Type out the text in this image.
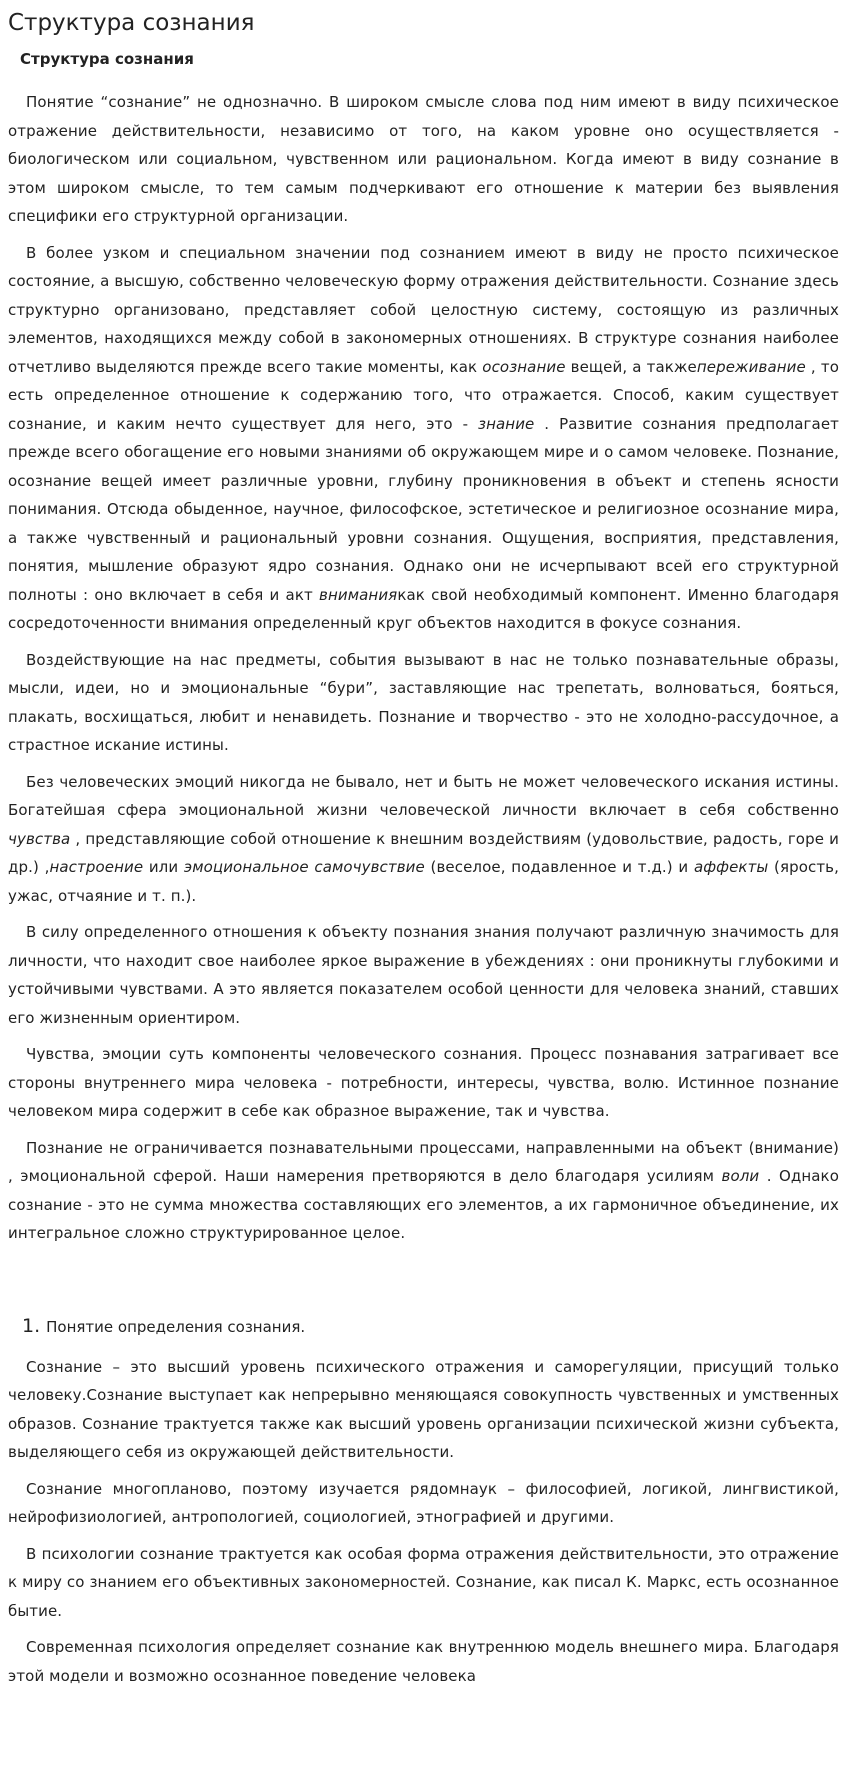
Структура сознания
Структура сознания

Понятие “сознание” не однозначно. В широком смысле слова под ним имеют в виду психическое отражение действительности, независимо от того, на каком уровне оно осуществляется - биологическом или социальном, чувственном или рациональном. Когда имеют в виду сознание в этом широком смысле, то тем самым подчеркивают его отношение к материи без выявления специфики его структурной организации.

В более узком и специальном значении под сознанием имеют в виду не просто психическое состояние, а высшую, собственно человеческую форму отражения действительности. Сознание здесь структурно организовано, представляет собой целостную систему, состоящую из различных элементов, находящихся между собой в закономерных отношениях. В структуре сознания наиболее отчетливо выделяются прежде всего такие моменты, как осознание вещей, а такжепереживание , то есть определенное отношение к содержанию того, что отражается. Способ, каким существует сознание, и каким нечто существует для него, это - знание . Развитие сознания предполагает прежде всего обогащение его новыми знаниями об окружающем мире и о самом человеке. Познание, осознание вещей имеет различные уровни, глубину проникновения в объект и степень ясности понимания. Отсюда обыденное, научное, философское, эстетическое и религиозное осознание мира, а также чувственный и рациональный уровни сознания. Ощущения, восприятия, представления, понятия, мышление образуют ядро сознания. Однако они не исчерпывают всей его структурной полноты : оно включает в себя и акт вниманиякак свой необходимый компонент. Именно благодаря сосредоточенности внимания определенный круг объектов находится в фокусе сознания.

Воздействующие на нас предметы, события вызывают в нас не только познавательные образы, мысли, идеи, но и эмоциональные “бури”, заставляющие нас трепетать, волноваться, бояться, плакать, восхищаться, любит и ненавидеть. Познание и творчество - это не холодно-рассудочное, а страстное искание истины.

Без человеческих эмоций никогда не бывало, нет и быть не может человеческого искания истины. Богатейшая сфера эмоциональной жизни человеческой личности включает в себя собственно чувства , представляющие собой отношение к внешним воздействиям (удовольствие, радость, горе и др.) ,настроение или эмоциональное самочувствие (веселое, подавленное и т.д.) и аффекты (ярость, ужас, отчаяние и т. п.).

В силу определенного отношения к объекту познания знания получают различную значимость для личности, что находит свое наиболее яркое выражение в убеждениях : они проникнуты глубокими и устойчивыми чувствами. А это является показателем особой ценности для человека знаний, ставших его жизненным ориентиром.

Чувства, эмоции суть компоненты человеческого сознания. Процесс познавания затрагивает все стороны внутреннего мира человека - потребности, интересы, чувства, волю. Истинное познание человеком мира содержит в себе как образное выражение, так и чувства.

Познание не ограничивается познавательными процессами, направленными на объект (внимание) , эмоциональной сферой. Наши намерения претворяются в дело благодаря усилиям воли . Однако сознание - это не сумма множества составляющих его элементов, а их гармоничное объединение, их интегральное сложно структурированное целое.

1. Понятие определения сознания.

Сознание – это высший уровень психического отражения и саморегуляции, присущий только человеку.Сознание выступает как непрерывно меняющаяся совокупность чувственных и умственных образов. Сознание трактуется также как высший уровень организации психической жизни субъекта, выделяющего себя из окружающей действительности.

Сознание многопланово, поэтому изучается рядомнаук – философией, логикой, лингвистикой, нейрофизиологией, антропологией, социологией, этнографией и другими.

В психологии сознание трактуется как особая форма отражения действительности, это отражение к миру со знанием его объективных закономерностей. Сознание, как писал К. Маркс, есть осознанное бытие.

Современная психология определяет сознание как внутреннюю модель внешнего мира. Благодаря этой модели и возможно осознанное поведение человека
